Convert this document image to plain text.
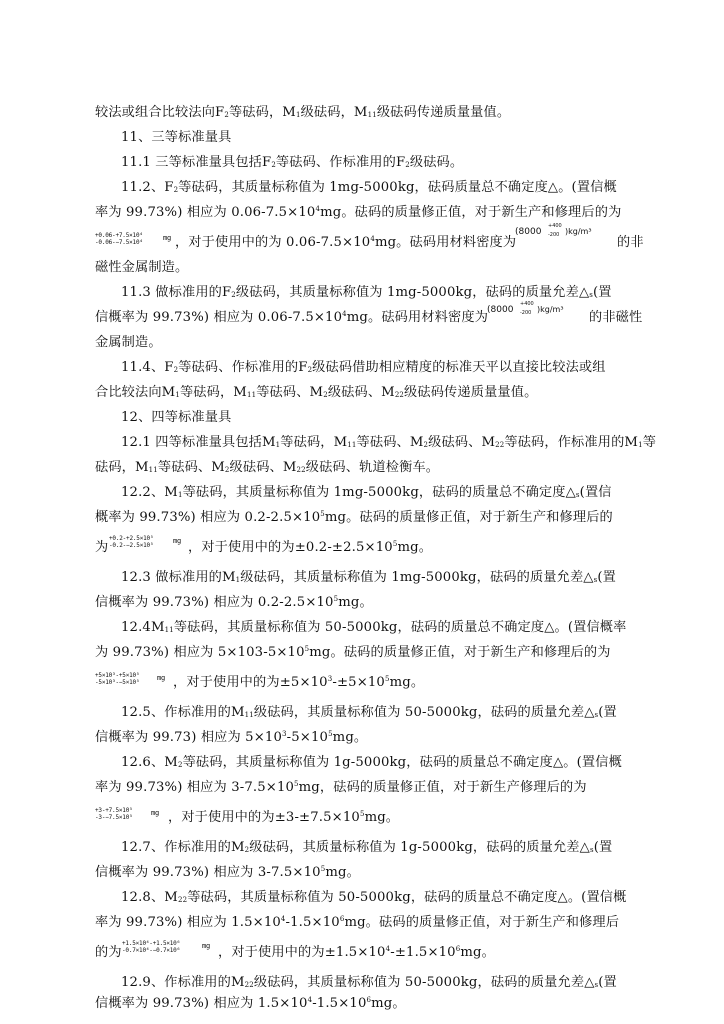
较法或组合比较法向$F_2$等砝码，$M_1$级砝码，$M_{11}$级砝码传递质量量值。

11、三等标准量具

11.1 三等标准量具包括$F_2$等砝码、作标准用的$F_2$级砝码。

11.2、$F_2$等砝码，其质量标称值为 1mg-5000kg，砝码质量总不确定度△。(置信概

率为 99.73%) 相应为 $0.06-7.5\times 10^4mg$。砝码的质量修正值，对于新生产和修理后的为

+0.06-+7.5×10⁴
-0.06-−7.5×10⁴
mg ，对于使用中的为 $0.06-7.5\times 10^4mg$。砝码用材料密度为

(8000
+400
-200 )kg/m³

的非

磁性金属制造。

11.3 做标准用的$F_2$级砝码，其质量标称值为 1mg-5000kg，砝码的质量允差$\triangle_s$(置

信概率为 99.73%) 相应为 $0.06-7.5\times 10^4mg$。砝码用材料密度为

(8000
+400
-200 )kg/m³

的非磁性

金属制造。

11.4、$F_2$等砝码、作标准用的$F_2$级砝码借助相应精度的标准天平以直接比较法或组

合比较法向$M_1$等砝码，$M_{11}$等砝码、$M_2$级砝码、$M_{22}$级砝码传递质量量值。

12、四等标准量具

12.1 四等标准量具包括$M_1$等砝码，$M_{11}$等砝码、$M_2$级砝码、$M_{22}$等砝码，作标准用的$M_1$等

砝码，$M_{11}$等砝码、$M_2$级砝码、$M_{22}$级砝码、轨道检衡车。

12.2、$M_1$等砝码，其质量标称值为 1mg-5000kg，砝码的质量总不确定度$\triangle_s$(置信

概率为 99.73%) 相应为 $0.2-2.5\times 10^5mg$。砝码的质量修正值，对于新生产和修理后的

为

+0.2-+2.5×10⁵
-0.2-−2.5×10⁵
mg ，对于使用中的为$\pm 0.2-\pm 2.5\times 10^5mg$。

12.3 做标准用的$M_1$级砝码，其质量标称值为 1mg-5000kg，砝码的质量允差$\triangle_s$(置

信概率为 99.73%) 相应为 $0.2-2.5\times 10^5mg$。

$12.4M_{11}$等砝码，其质量标称值为 50-5000kg，砝码的质量总不确定度△。(置信概率

为 99.73%) 相应为 $5\times 103-5\times 10^5mg$。砝码的质量修正值，对于新生产和修理后的为

+5×10³-+5×10⁵
-5×10³-−5×10⁵
mg ，对于使用中的为$\pm 5\times 10^3-\pm 5\times 10^5mg$。

12.5、作标准用的$M_{11}$级砝码，其质量标称值为 50-5000kg，砝码的质量允差$\triangle_s$(置

信概率为 99.73) 相应为 $5\times 10^3-5\times 10^5mg$。

12.6、$M_2$等砝码，其质量标称值为 1g-5000kg，砝码的质量总不确定度△。(置信概

率为 99.73%) 相应为 $3-7.5\times 10^5mg$，砝码的质量修正值，对于新生产修理后的为

+3-+7.5×10⁵
-3-−7.5×10⁵
mg ，对于使用中的为$\pm 3-\pm 7.5\times 10^5mg$。

12.7、作标准用的$M_2$级砝码，其质量标称值为 1g-5000kg，砝码的质量允差$\triangle_s$(置

信概率为 99.73%) 相应为 $3-7.5\times 10^5mg$。

12.8、$M_{22}$等砝码，其质量标称值为 50-5000kg，砝码的质量总不确定度△。(置信概

率为 99.73%) 相应为 $1.5\times 10^4-1.5\times 10^6mg$。砝码的质量修正值，对于新生产和修理后

的为

+1.5×10⁴-+1.5×10⁶
-0.7×10⁴-−0.7×10⁶
mg ，对于使用中的为$\pm 1.5\times 10^4-\pm 1.5\times 10^6mg$。

12.9、作标准用的$M_{22}$级砝码，其质量标称值为 50-5000kg，砝码的质量允差$\triangle_s$(置

信概率为 99.73%) 相应为 $1.5\times 10^4-1.5\times 10^6mg$。
